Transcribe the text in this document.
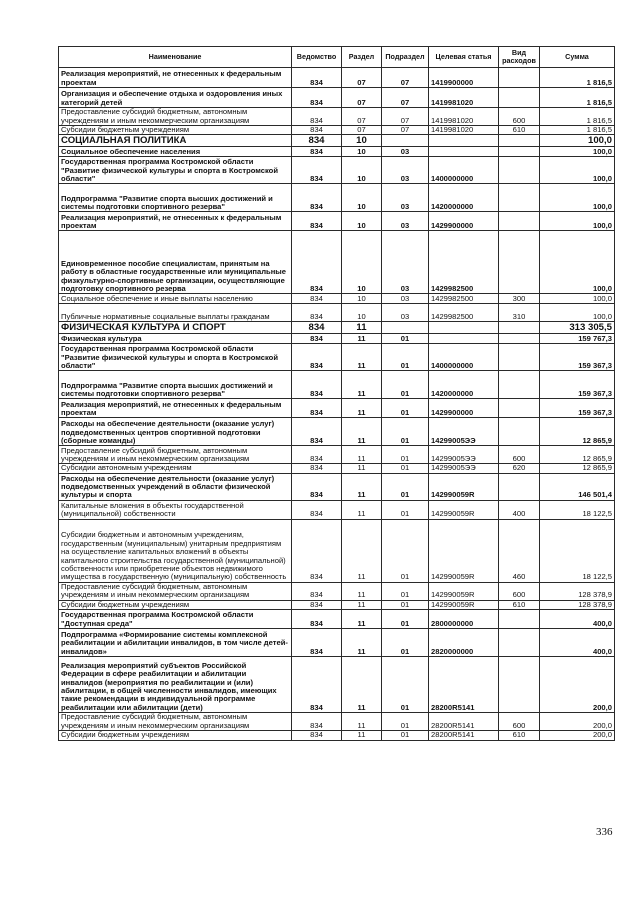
Наименование	Ведомство	Раздел	Подраздел	Целевая статья	Вид расходов	Сумма
Реализация мероприятий, не отнесенных к федеральным проектам	834	07	07	1419900000		1 816,5
Организация и обеспечение отдыха и оздоровления иных категорий детей	834	07	07	1419981020		1 816,5
Предоставление субсидий бюджетным, автономным учреждениям и иным некоммерческим организациям	834	07	07	1419981020	600	1 816,5
Субсидии бюджетным учреждениям	834	07	07	1419981020	610	1 816,5
СОЦИАЛЬНАЯ ПОЛИТИКА	834	10				100,0
Социальное обеспечение населения	834	10	03			100,0
Государственная программа Костромской области "Развитие физической культуры и спорта в Костромской области"	834	10	03	1400000000		100,0
Подпрограмма "Развитие спорта высших достижений и системы подготовки спортивного резерва"	834	10	03	1420000000		100,0
Реализация мероприятий, не отнесенных к федеральным проектам	834	10	03	1429900000		100,0
Единовременное пособие специалистам, принятым на работу в областные государственные или муниципальные физкультурно-спортивные организации, осуществляющие подготовку спортивного резерва	834	10	03	1429982500		100,0
Социальное обеспечение и иные выплаты населению	834	10	03	1429982500	300	100,0
Публичные нормативные социальные выплаты гражданам	834	10	03	1429982500	310	100,0
ФИЗИЧЕСКАЯ КУЛЬТУРА И СПОРТ	834	11				313 305,5
Физическая культура	834	11	01			159 767,3
Государственная программа Костромской области "Развитие физической культуры и спорта в Костромской области"	834	11	01	1400000000		159 367,3
Подпрограмма "Развитие спорта высших достижений и системы подготовки спортивного резерва"	834	11	01	1420000000		159 367,3
Реализация мероприятий, не отнесенных к федеральным проектам	834	11	01	1429900000		159 367,3
Расходы на обеспечение деятельности (оказание услуг) подведомственных центров спортивной подготовки (сборные команды)	834	11	01	14299005ЭЭ		12 865,9
Предоставление субсидий бюджетным, автономным учреждениям и иным некоммерческим организациям	834	11	01	14299005ЭЭ	600	12 865,9
Субсидии автономным учреждениям	834	11	01	14299005ЭЭ	620	12 865,9
Расходы на обеспечение деятельности (оказание услуг) подведомственных учреждений в области физической культуры и спорта	834	11	01	142990059R		146 501,4
Капитальные вложения в объекты государственной (муниципальной) собственности	834	11	01	142990059R	400	18 122,5
Субсидии бюджетным и автономным учреждениям, государственным (муниципальным) унитарным предприятиям на осуществление капитальных вложений в объекты капитального строительства государственной (муниципальной) собственности или приобретение объектов недвижимого имущества в государственную (муниципальную) собственность	834	11	01	142990059R	460	18 122,5
Предоставление субсидий бюджетным, автономным учреждениям и иным некоммерческим организациям	834	11	01	142990059R	600	128 378,9
Субсидии бюджетным учреждениям	834	11	01	142990059R	610	128 378,9
Государственная программа Костромской области "Доступная среда"	834	11	01	2800000000		400,0
Подпрограмма «Формирование системы комплексной реабилитации и абилитации инвалидов, в том числе детей-инвалидов»	834	11	01	2820000000		400,0
Реализация мероприятий субъектов Российской Федерации в сфере реабилитации и абилитации инвалидов (мероприятия по реабилитации и (или) абилитации, в общей численности инвалидов, имеющих такие рекомендации в индивидуальной программе реабилитации или абилитации (дети)	834	11	01	28200R5141		200,0
Предоставление субсидий бюджетным, автономным учреждениям и иным некоммерческим организациям	834	11	01	28200R5141	600	200,0
Субсидии бюджетным учреждениям	834	11	01	28200R5141	610	200,0
336
